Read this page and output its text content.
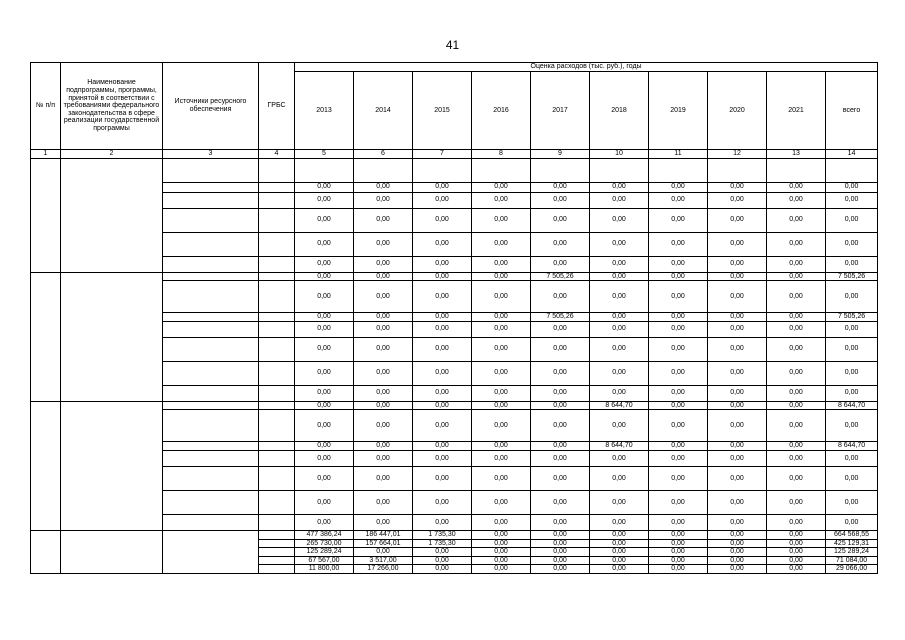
41
№ п/п	Наименование подпрограммы, программы, принятой в соответствии с требованиями федерального законодательства в сфере реализации государственной программы	Источники ресурсного обеспечения	ГРБС	Оценка расходов (тыс. руб.), годы									
				2013	2014	2015	2016	2017	2018	2019	2020	2021	всего
1	2	3	4	5	6	7	8	9	10	11	12	13	14

				0,00	0,00	0,00	0,00	0,00	0,00	0,00	0,00	0,00	0,00
				0,00	0,00	0,00	0,00	0,00	0,00	0,00	0,00	0,00	0,00
				0,00	0,00	0,00	0,00	0,00	0,00	0,00	0,00	0,00	0,00
				0,00	0,00	0,00	0,00	0,00	0,00	0,00	0,00	0,00	0,00
				0,00	0,00	0,00	0,00	0,00	0,00	0,00	0,00	0,00	0,00
				0,00	0,00	0,00	0,00	7 505,26	0,00	0,00	0,00	0,00	7 505,26
				0,00	0,00	0,00	0,00	0,00	0,00	0,00	0,00	0,00	0,00
				0,00	0,00	0,00	0,00	7 505,26	0,00	0,00	0,00	0,00	7 505,26
				0,00	0,00	0,00	0,00	0,00	0,00	0,00	0,00	0,00	0,00
				0,00	0,00	0,00	0,00	0,00	0,00	0,00	0,00	0,00	0,00
				0,00	0,00	0,00	0,00	0,00	0,00	0,00	0,00	0,00	0,00
				0,00	0,00	0,00	0,00	0,00	0,00	0,00	0,00	0,00	0,00
				0,00	0,00	0,00	0,00	0,00	8 644,70	0,00	0,00	0,00	8 644,70
				0,00	0,00	0,00	0,00	0,00	0,00	0,00	0,00	0,00	0,00
				0,00	0,00	0,00	0,00	0,00	8 644,70	0,00	0,00	0,00	8 644,70
				0,00	0,00	0,00	0,00	0,00	0,00	0,00	0,00	0,00	0,00
				0,00	0,00	0,00	0,00	0,00	0,00	0,00	0,00	0,00	0,00
				0,00	0,00	0,00	0,00	0,00	0,00	0,00	0,00	0,00	0,00
				0,00	0,00	0,00	0,00	0,00	0,00	0,00	0,00	0,00	0,00
				477 386,24	186 447,01	1 735,30	0,00	0,00	0,00	0,00	0,00	0,00	664 568,55
				265 730,00	157 664,01	1 735,30	0,00	0,00	0,00	0,00	0,00	0,00	425 129,31
				125 289,24	0,00	0,00	0,00	0,00	0,00	0,00	0,00	0,00	125 289,24
				67 567,00	3 517,00	0,00	0,00	0,00	0,00	0,00	0,00	0,00	71 084,00
				11 800,00	17 266,00	0,00	0,00	0,00	0,00	0,00	0,00	0,00	29 066,00
